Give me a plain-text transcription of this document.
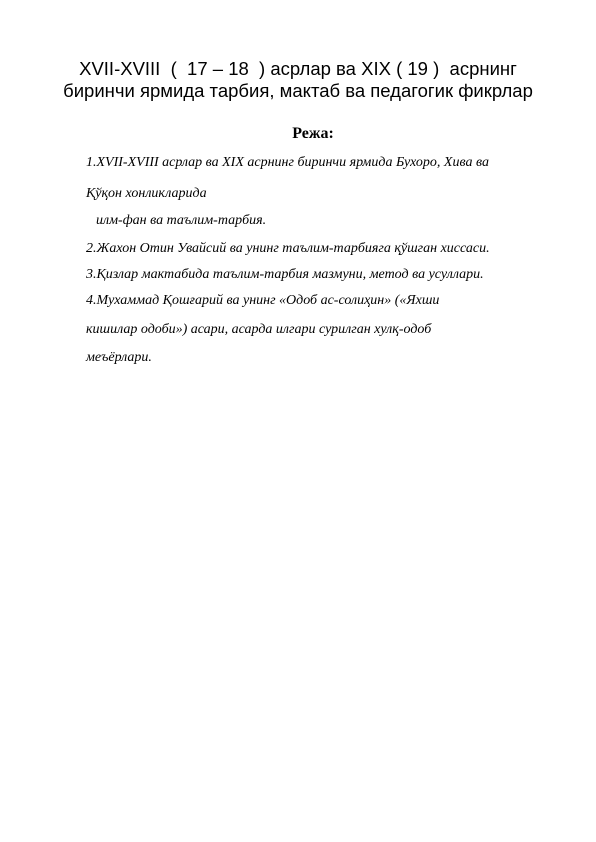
XVII-XVIII  (  17 – 18  ) асрлар ва XIX ( 19 )  асрнинг
биринчи ярмида тарбия, мактаб ва педагогик фикрлар
Режа:
1.XVII-XVIII асрлар ва XIX асрнинг биринчи ярмида Бухоро, Хива ва
Қўқон хонликларида
илм-фан ва таълим-тарбия.
2.Жахон Отин Увайсий ва унинг таълим-тарбияга қўшган хиссаси.
3.Қизлар мактабида таълим-тарбия мазмуни, метод ва усуллари.
4.Мухаммад Қошғарий ва унинг «Одоб ас-солиҳин» («Яхши
кишилар одоби») асари, асарда илгари сурилган хулқ-одоб
меъёрлари.
